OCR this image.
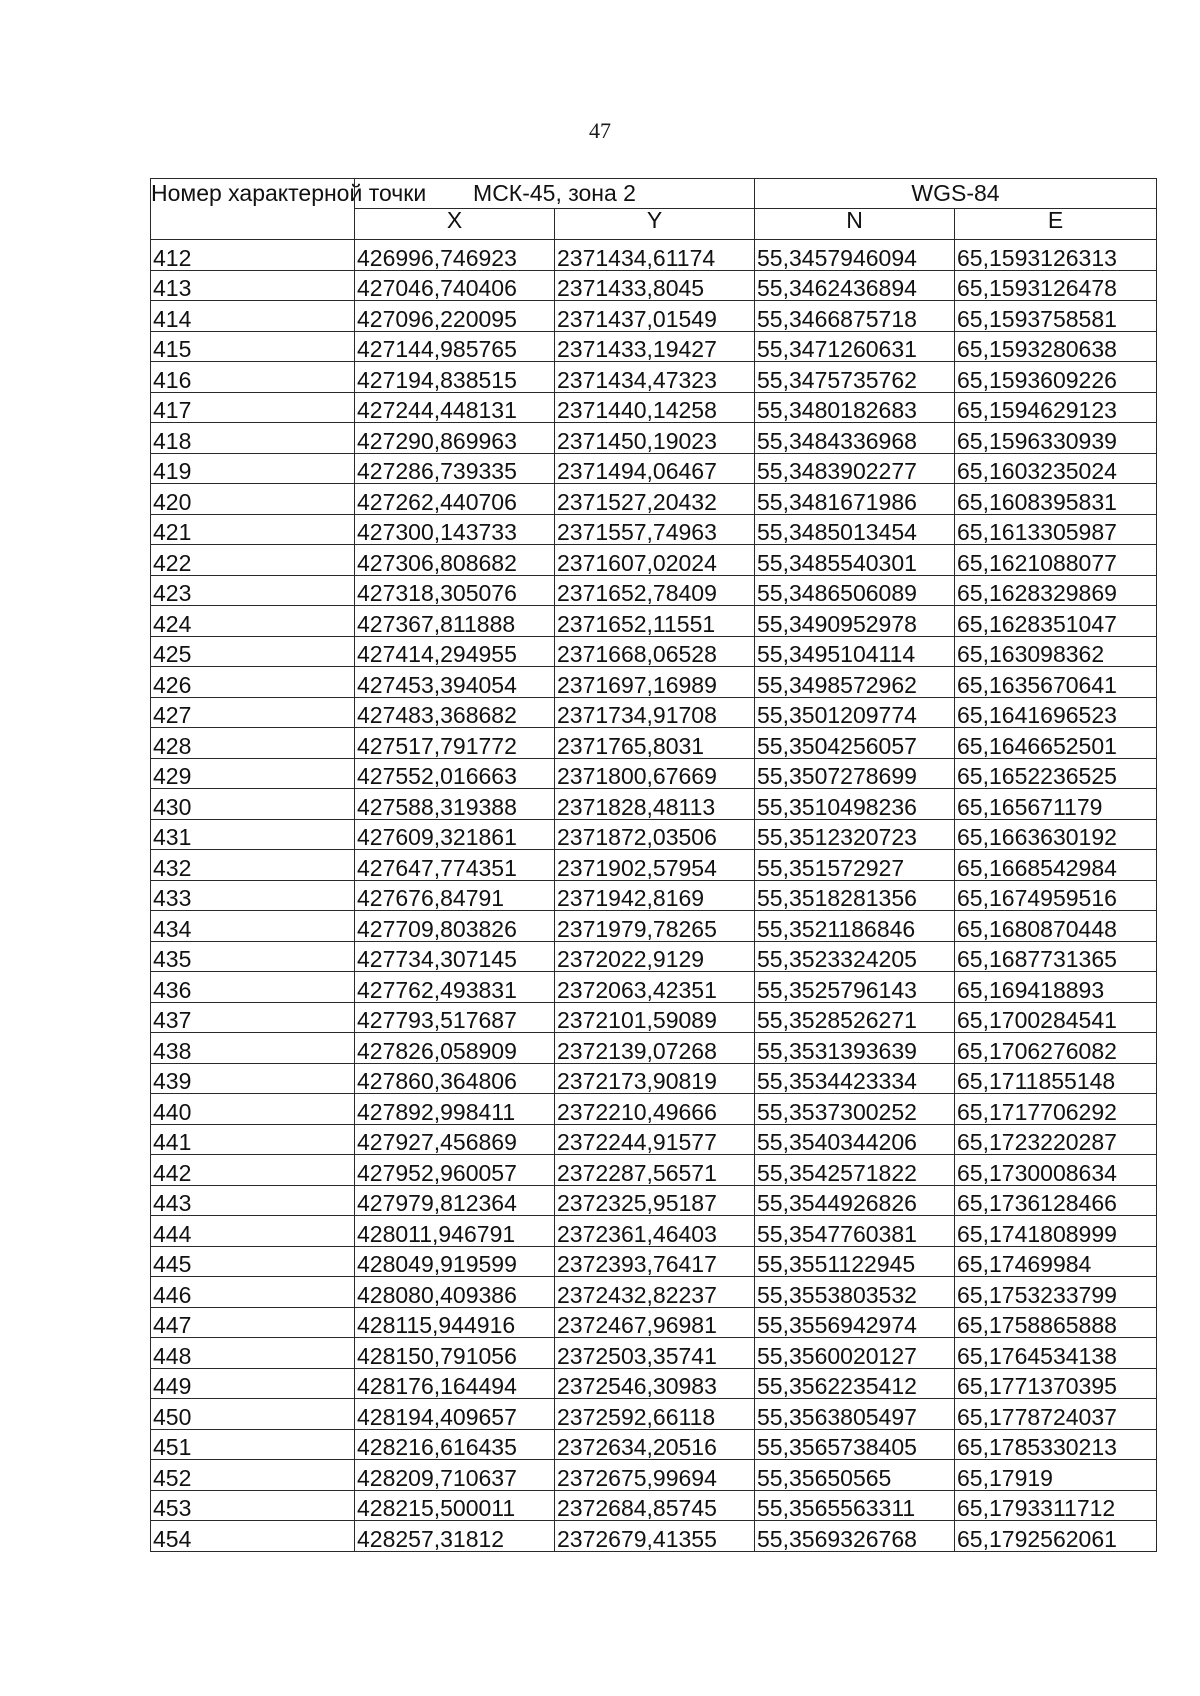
47
Номер характерной точки	МСК-45, зона 2		WGS-84	
	X	Y	N	E
412	426996,746923	2371434,61174	55,3457946094	65,1593126313
413	427046,740406	2371433,8045	55,3462436894	65,1593126478
414	427096,220095	2371437,01549	55,3466875718	65,1593758581
415	427144,985765	2371433,19427	55,3471260631	65,1593280638
416	427194,838515	2371434,47323	55,3475735762	65,1593609226
417	427244,448131	2371440,14258	55,3480182683	65,1594629123
418	427290,869963	2371450,19023	55,3484336968	65,1596330939
419	427286,739335	2371494,06467	55,3483902277	65,1603235024
420	427262,440706	2371527,20432	55,3481671986	65,1608395831
421	427300,143733	2371557,74963	55,3485013454	65,1613305987
422	427306,808682	2371607,02024	55,3485540301	65,1621088077
423	427318,305076	2371652,78409	55,3486506089	65,1628329869
424	427367,811888	2371652,11551	55,3490952978	65,1628351047
425	427414,294955	2371668,06528	55,3495104114	65,163098362
426	427453,394054	2371697,16989	55,3498572962	65,1635670641
427	427483,368682	2371734,91708	55,3501209774	65,1641696523
428	427517,791772	2371765,8031	55,3504256057	65,1646652501
429	427552,016663	2371800,67669	55,3507278699	65,1652236525
430	427588,319388	2371828,48113	55,3510498236	65,165671179
431	427609,321861	2371872,03506	55,3512320723	65,1663630192
432	427647,774351	2371902,57954	55,351572927	65,1668542984
433	427676,84791	2371942,8169	55,3518281356	65,1674959516
434	427709,803826	2371979,78265	55,3521186846	65,1680870448
435	427734,307145	2372022,9129	55,3523324205	65,1687731365
436	427762,493831	2372063,42351	55,3525796143	65,169418893
437	427793,517687	2372101,59089	55,3528526271	65,1700284541
438	427826,058909	2372139,07268	55,3531393639	65,1706276082
439	427860,364806	2372173,90819	55,3534423334	65,1711855148
440	427892,998411	2372210,49666	55,3537300252	65,1717706292
441	427927,456869	2372244,91577	55,3540344206	65,1723220287
442	427952,960057	2372287,56571	55,3542571822	65,1730008634
443	427979,812364	2372325,95187	55,3544926826	65,1736128466
444	428011,946791	2372361,46403	55,3547760381	65,1741808999
445	428049,919599	2372393,76417	55,3551122945	65,17469984
446	428080,409386	2372432,82237	55,3553803532	65,1753233799
447	428115,944916	2372467,96981	55,3556942974	65,1758865888
448	428150,791056	2372503,35741	55,3560020127	65,1764534138
449	428176,164494	2372546,30983	55,3562235412	65,1771370395
450	428194,409657	2372592,66118	55,3563805497	65,1778724037
451	428216,616435	2372634,20516	55,3565738405	65,1785330213
452	428209,710637	2372675,99694	55,35650565	65,17919
453	428215,500011	2372684,85745	55,3565563311	65,1793311712
454	428257,31812	2372679,41355	55,3569326768	65,1792562061
